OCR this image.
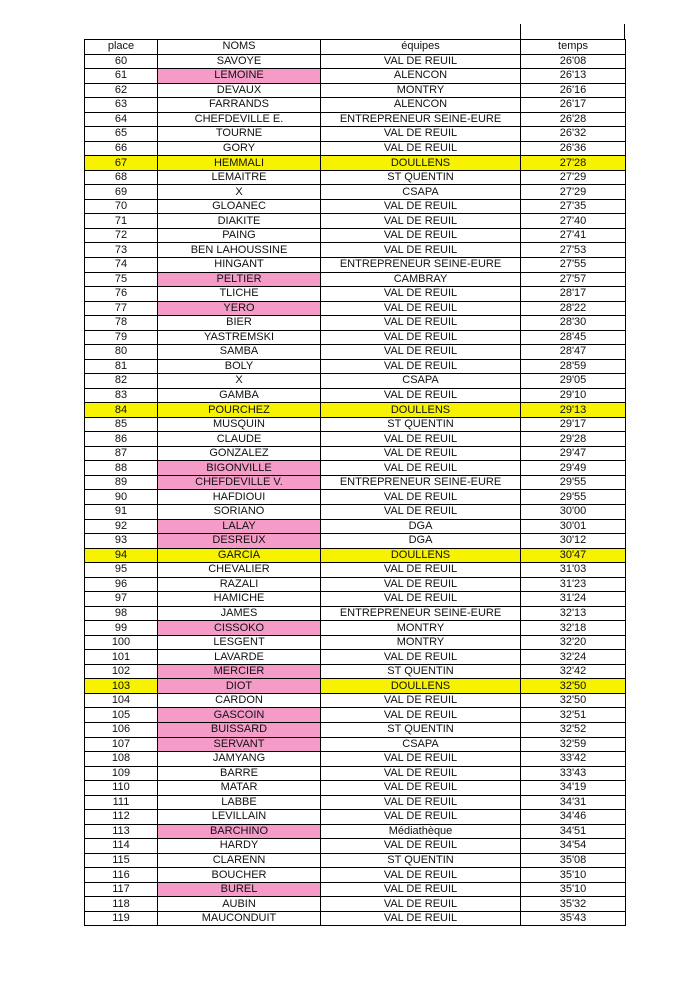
place	NOMS	équipes	temps
60	SAVOYE	VAL DE REUIL	26'08
61	LEMOINE	ALENCON	26'13
62	DEVAUX	MONTRY	26'16
63	FARRANDS	ALENCON	26'17
64	CHEFDEVILLE E.	ENTREPRENEUR SEINE-EURE	26'28
65	TOURNE	VAL DE REUIL	26'32
66	GORY	VAL DE REUIL	26'36
67	HEMMALI	DOULLENS	27'28
68	LEMAITRE	ST QUENTIN	27'29
69	X	CSAPA	27'29
70	GLOANEC	VAL DE REUIL	27'35
71	DIAKITE	VAL DE REUIL	27'40
72	PAING	VAL DE REUIL	27'41
73	BEN LAHOUSSINE	VAL DE REUIL	27'53
74	HINGANT	ENTREPRENEUR SEINE-EURE	27'55
75	PELTIER	CAMBRAY	27'57
76	TLICHE	VAL DE REUIL	28'17
77	YERO	VAL DE REUIL	28'22
78	BIER	VAL DE REUIL	28'30
79	YASTREMSKI	VAL DE REUIL	28'45
80	SAMBA	VAL DE REUIL	28'47
81	BOLY	VAL DE REUIL	28'59
82	X	CSAPA	29'05
83	GAMBA	VAL DE REUIL	29'10
84	POURCHEZ	DOULLENS	29'13
85	MUSQUIN	ST QUENTIN	29'17
86	CLAUDE	VAL DE REUIL	29'28
87	GONZALEZ	VAL DE REUIL	29'47
88	BIGONVILLE	VAL DE REUIL	29'49
89	CHEFDEVILLE V.	ENTREPRENEUR SEINE-EURE	29'55
90	HAFDIOUI	VAL DE REUIL	29'55
91	SORIANO	VAL DE REUIL	30'00
92	LALAY	DGA	30'01
93	DESREUX	DGA	30'12
94	GARCIA	DOULLENS	30'47
95	CHEVALIER	VAL DE REUIL	31'03
96	RAZALI	VAL DE REUIL	31'23
97	HAMICHE	VAL DE REUIL	31'24
98	JAMES	ENTREPRENEUR SEINE-EURE	32'13
99	CISSOKO	MONTRY	32'18
100	LESGENT	MONTRY	32'20
101	LAVARDE	VAL DE REUIL	32'24
102	MERCIER	ST QUENTIN	32'42
103	DIOT	DOULLENS	32'50
104	CARDON	VAL DE REUIL	32'50
105	GASCOIN	VAL DE REUIL	32'51
106	BUISSARD	ST QUENTIN	32'52
107	SERVANT	CSAPA	32'59
108	JAMYANG	VAL DE REUIL	33'42
109	BARRE	VAL DE REUIL	33'43
110	MATAR	VAL DE REUIL	34'19
111	LABBE	VAL DE REUIL	34'31
112	LEVILLAIN	VAL DE REUIL	34'46
113	BARCHINO	Médiathèque	34'51
114	HARDY	VAL DE REUIL	34'54
115	CLARENN	ST QUENTIN	35'08
116	BOUCHER	VAL DE REUIL	35'10
117	BUREL	VAL DE REUIL	35'10
118	AUBIN	VAL DE REUIL	35'32
119	MAUCONDUIT	VAL DE REUIL	35'43
